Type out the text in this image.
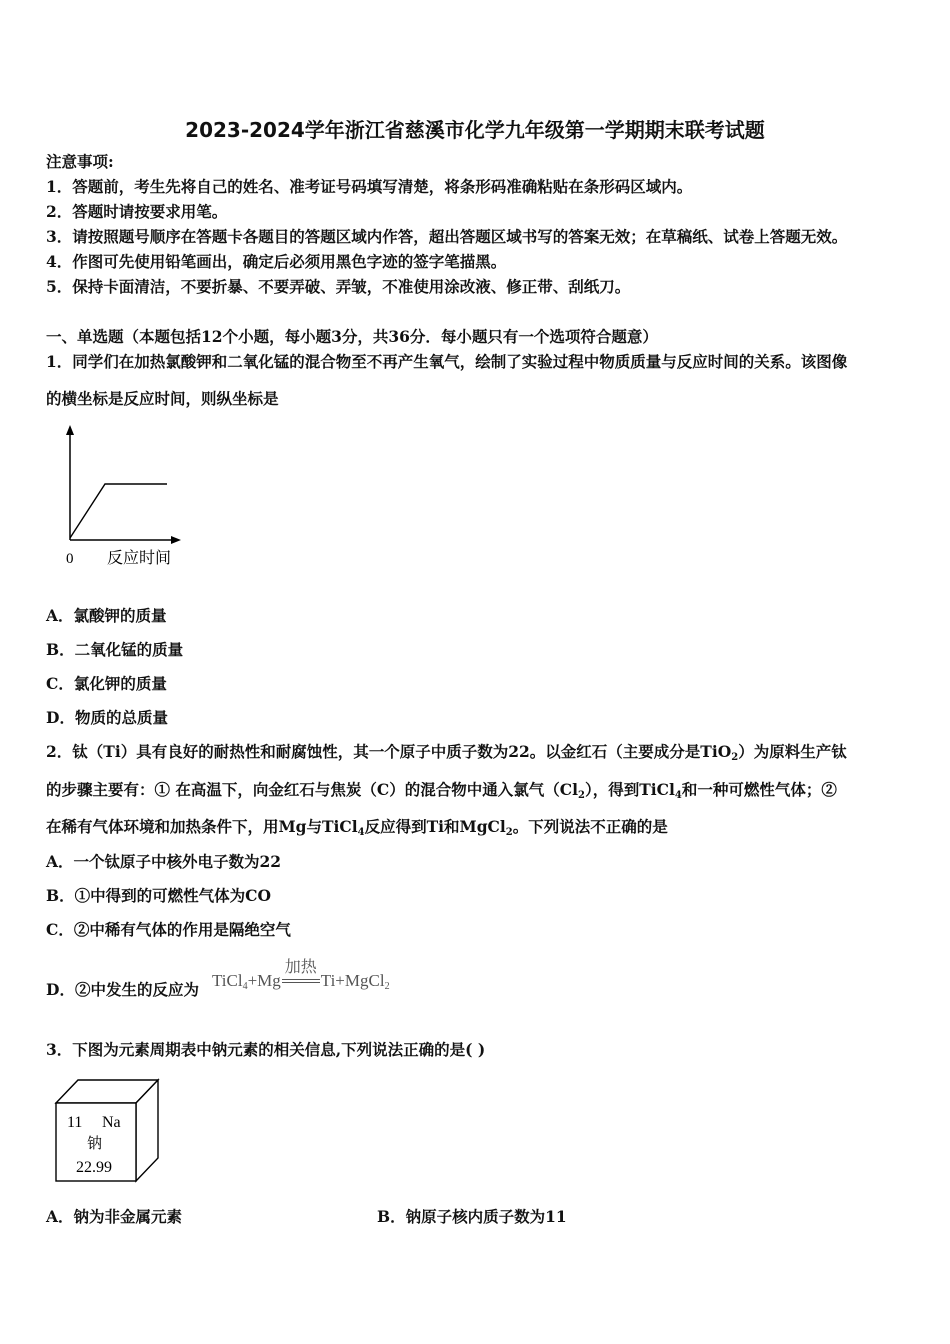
2023-2024学年浙江省慈溪市化学九年级第一学期期末联考试题
注意事项:
1．答题前，考生先将自己的姓名、准考证号码填写清楚，将条形码准确粘贴在条形码区域内。
2．答题时请按要求用笔。
3．请按照题号顺序在答题卡各题目的答题区域内作答，超出答题区域书写的答案无效；在草稿纸、试卷上答题无效。
4．作图可先使用铅笔画出，确定后必须用黑色字迹的签字笔描黑。
5．保持卡面清洁，不要折暴、不要弄破、弄皱，不准使用涂改液、修正带、刮纸刀。
一、单选题（本题包括12个小题，每小题3分，共36分．每小题只有一个选项符合题意）
1．同学们在加热氯酸钾和二氧化锰的混合物至不再产生氧气，绘制了实验过程中物质质量与反应时间的关系。该图像
的横坐标是反应时间，则纵坐标是
0 反应时间
A．氯酸钾的质量
B．二氧化锰的质量
C．氯化钾的质量
D．物质的总质量
2．钛（Ti）具有良好的耐热性和耐腐蚀性，其一个原子中质子数为22。以金红石（主要成分是TiO$_2$）为原料生产钛
的步骤主要有：① 在高温下，向金红石与焦炭（C）的混合物中通入氯气$(Cl_2)$，得到TiCl$_4$和一种可燃性气体；②
在稀有气体环境和加热条件下，用Mg与TiCl$_4$反应得到Ti和MgCl$_2$。下列说法不正确的是
A．一个钛原子中核外电子数为22
B．①中得到的可燃性气体为CO
C．②中稀有气体的作用是隔绝空气
D．②中发生的反应为 TiCl$_4$+Mg
加热
Ti+MgCl$_2$
3．下图为元素周期表中钠元素的相关信息,下列说法正确的是( )
11 Na
钠
22.99
A．钠为非金属元素	B．钠原子核内质子数为11
